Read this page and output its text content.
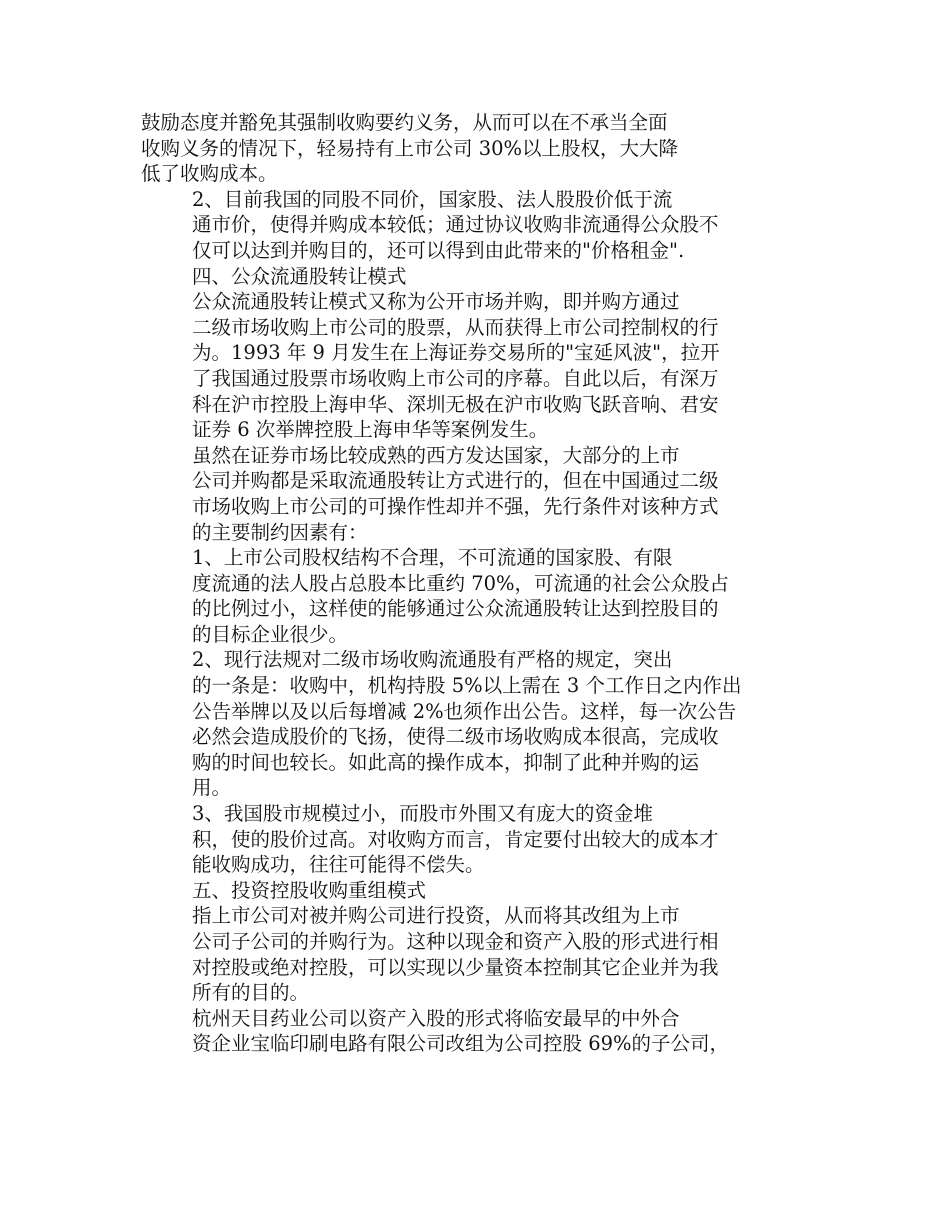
鼓励态度并豁免其强制收购要约义务，从而可以在不承当全面
收购义务的情况下，轻易持有上市公司 30%以上股权，大大降
低了收购成本。

2、目前我国的同股不同价，国家股、法人股股价低于流
通市价，使得并购成本较低；通过协议收购非流通得公众股不
仅可以达到并购目的，还可以得到由此带来的"价格租金".

四、公众流通股转让模式

公众流通股转让模式又称为公开市场并购，即并购方通过
二级市场收购上市公司的股票，从而获得上市公司控制权的行
为。1993 年 9 月发生在上海证券交易所的"宝延风波"，拉开
了我国通过股票市场收购上市公司的序幕。自此以后，有深万
科在沪市控股上海申华、深圳无极在沪市收购飞跃音响、君安
证券 6 次举牌控股上海申华等案例发生。

虽然在证券市场比较成熟的西方发达国家，大部分的上市
公司并购都是采取流通股转让方式进行的，但在中国通过二级
市场收购上市公司的可操作性却并不强，先行条件对该种方式
的主要制约因素有：

1、上市公司股权结构不合理，不可流通的国家股、有限
度流通的法人股占总股本比重约 70%，可流通的社会公众股占
的比例过小，这样使的能够通过公众流通股转让达到控股目的
的目标企业很少。

2、现行法规对二级市场收购流通股有严格的规定，突出
的一条是：收购中，机构持股 5%以上需在 3 个工作日之内作出
公告举牌以及以后每增减 2%也须作出公告。这样，每一次公告
必然会造成股价的飞扬，使得二级市场收购成本很高，完成收
购的时间也较长。如此高的操作成本，抑制了此种并购的运
用。

3、我国股市规模过小，而股市外围又有庞大的资金堆
积，使的股价过高。对收购方而言，肯定要付出较大的成本才
能收购成功，往往可能得不偿失。

五、投资控股收购重组模式

指上市公司对被并购公司进行投资，从而将其改组为上市
公司子公司的并购行为。这种以现金和资产入股的形式进行相
对控股或绝对控股，可以实现以少量资本控制其它企业并为我
所有的目的。

杭州天目药业公司以资产入股的形式将临安最早的中外合
资企业宝临印刷电路有限公司改组为公司控股 69%的子公司，
